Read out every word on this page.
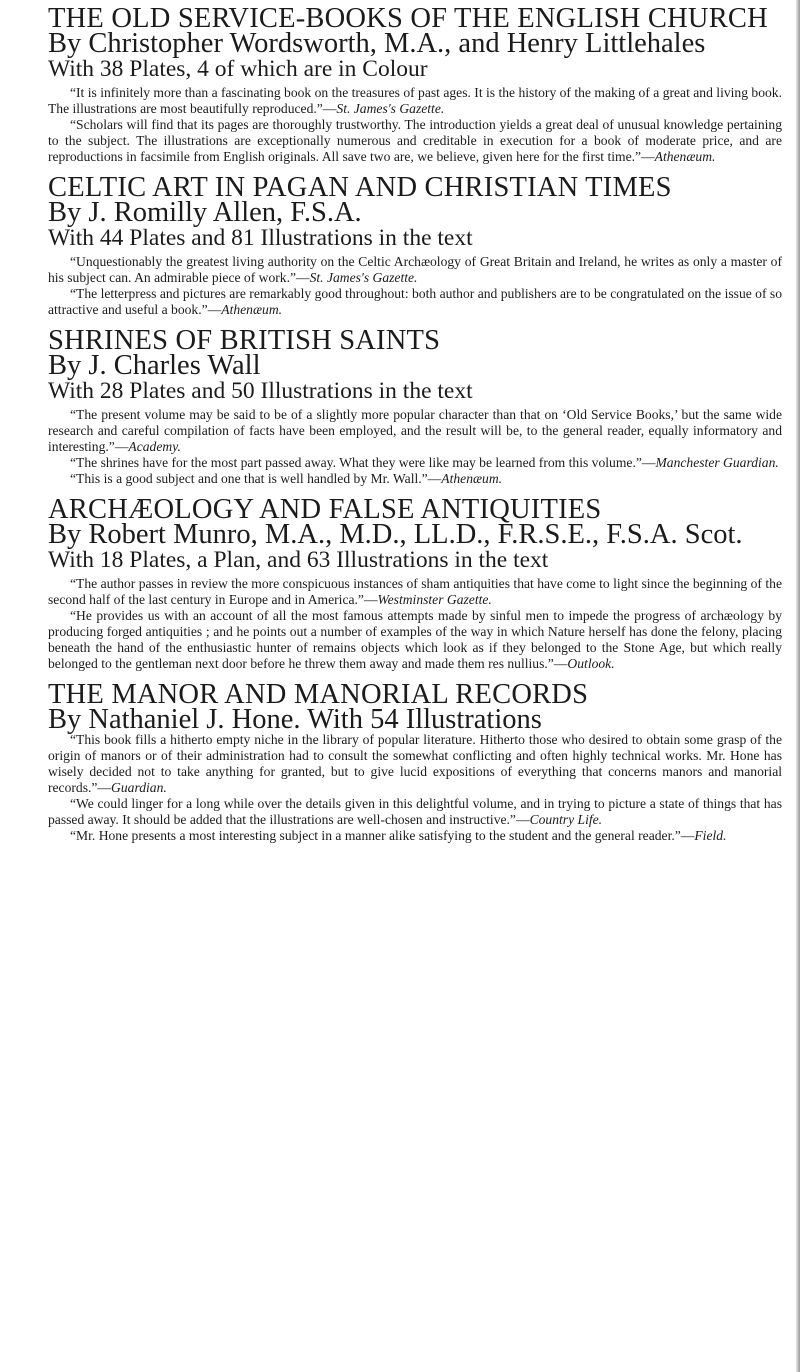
THE OLD SERVICE-BOOKS OF THE ENGLISH CHURCH

By Christopher Wordsworth, M.A., and Henry Littlehales

With 38 Plates, 4 of which are in Colour

“It is infinitely more than a fascinating book on the treasures of past ages. It is the history of the making of a great and living book. The illustrations are most beautifully reproduced.”—St. James's Gazette.

“Scholars will find that its pages are thoroughly trustworthy. The introduction yields a great deal of unusual knowledge pertaining to the subject. The illustrations are exceptionally numerous and creditable in execution for a book of moderate price, and are reproductions in facsimile from English originals. All save two are, we believe, given here for the first time.”—Athenæum.

CELTIC ART IN PAGAN AND CHRISTIAN TIMES

By J. Romilly Allen, F.S.A.

With 44 Plates and 81 Illustrations in the text

“Unquestionably the greatest living authority on the Celtic Archæology of Great Britain and Ireland, he writes as only a master of his subject can. An admirable piece of work.”—St. James's Gazette.

“The letterpress and pictures are remarkably good throughout: both author and publishers are to be congratulated on the issue of so attractive and useful a book.”—Athenæum.

SHRINES OF BRITISH SAINTS

By J. Charles Wall

With 28 Plates and 50 Illustrations in the text

“The present volume may be said to be of a slightly more popular character than that on ‘Old Service Books,’ but the same wide research and careful compilation of facts have been employed, and the result will be, to the general reader, equally informatory and interesting.”—Academy.

“The shrines have for the most part passed away. What they were like may be learned from this volume.”—Manchester Guardian.

“This is a good subject and one that is well handled by Mr. Wall.”—Athenæum.

ARCHÆOLOGY AND FALSE ANTIQUITIES

By Robert Munro, M.A., M.D., LL.D., F.R.S.E., F.S.A. Scot.

With 18 Plates, a Plan, and 63 Illustrations in the text

“The author passes in review the more conspicuous instances of sham antiquities that have come to light since the beginning of the second half of the last century in Europe and in America.”—Westminster Gazette.

“He provides us with an account of all the most famous attempts made by sinful men to impede the progress of archæology by producing forged antiquities ; and he points out a number of examples of the way in which Nature herself has done the felony, placing beneath the hand of the enthusiastic hunter of remains objects which look as if they belonged to the Stone Age, but which really belonged to the gentleman next door before he threw them away and made them res nullius.”—Outlook.

THE MANOR AND MANORIAL RECORDS

By Nathaniel J. Hone. With 54 Illustrations

“This book fills a hitherto empty niche in the library of popular literature. Hitherto those who desired to obtain some grasp of the origin of manors or of their administration had to consult the somewhat conflicting and often highly technical works. Mr. Hone has wisely decided not to take anything for granted, but to give lucid expositions of everything that concerns manors and manorial records.”—Guardian.

“We could linger for a long while over the details given in this delightful volume, and in trying to picture a state of things that has passed away. It should be added that the illustrations are well-chosen and instructive.”—Country Life.

“Mr. Hone presents a most interesting subject in a manner alike satisfying to the student and the general reader.”—Field.
